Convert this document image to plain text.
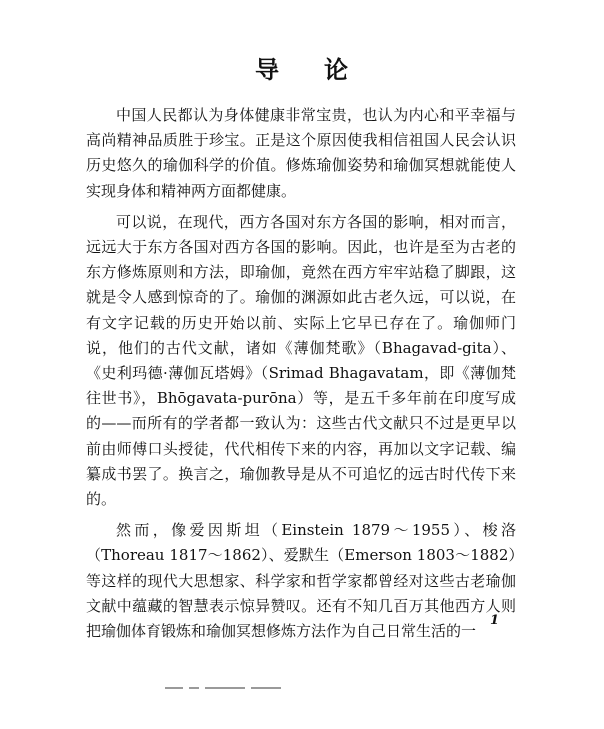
导 论

中国人民都认为身体健康非常宝贵，也认为内心和平幸福与高尚精神品质胜于珍宝。正是这个原因使我相信祖国人民会认识历史悠久的瑜伽科学的价值。修炼瑜伽姿势和瑜伽冥想就能使人实现身体和精神两方面都健康。

可以说，在现代，西方各国对东方各国的影响，相对而言，远远大于东方各国对西方各国的影响。因此，也许是至为古老的东方修炼原则和方法，即瑜伽，竟然在西方牢牢站稳了脚跟，这就是令人感到惊奇的了。瑜伽的渊源如此古老久远，可以说，在有文字记载的历史开始以前、实际上它早已存在了。瑜伽师门说，他们的古代文献，诸如《薄伽梵歌》（Bhagavad-gita）、《史利玛德·薄伽瓦塔姆》（Srimad Bhagavatam，即《薄伽梵往世书》，Bhōgavata-purōna）等，是五千多年前在印度写成的——而所有的学者都一致认为：这些古代文献只不过是更早以前由师傅口头授徒，代代相传下来的内容，再加以文字记载、编纂成书罢了。换言之，瑜伽教导是从不可追忆的远古时代传下来的。

然而，像爱因斯坦（Einstein 1879～1955）、梭洛（Thoreau 1817～1862）、爱默生（Emerson 1803～1882）等这样的现代大思想家、科学家和哲学家都曾经对这些古老瑜伽文献中蕴藏的智慧表示惊异赞叹。还有不知几百万其他西方人则把瑜伽体育锻炼和瑜伽冥想修炼方法作为自己日常生活的一

1
